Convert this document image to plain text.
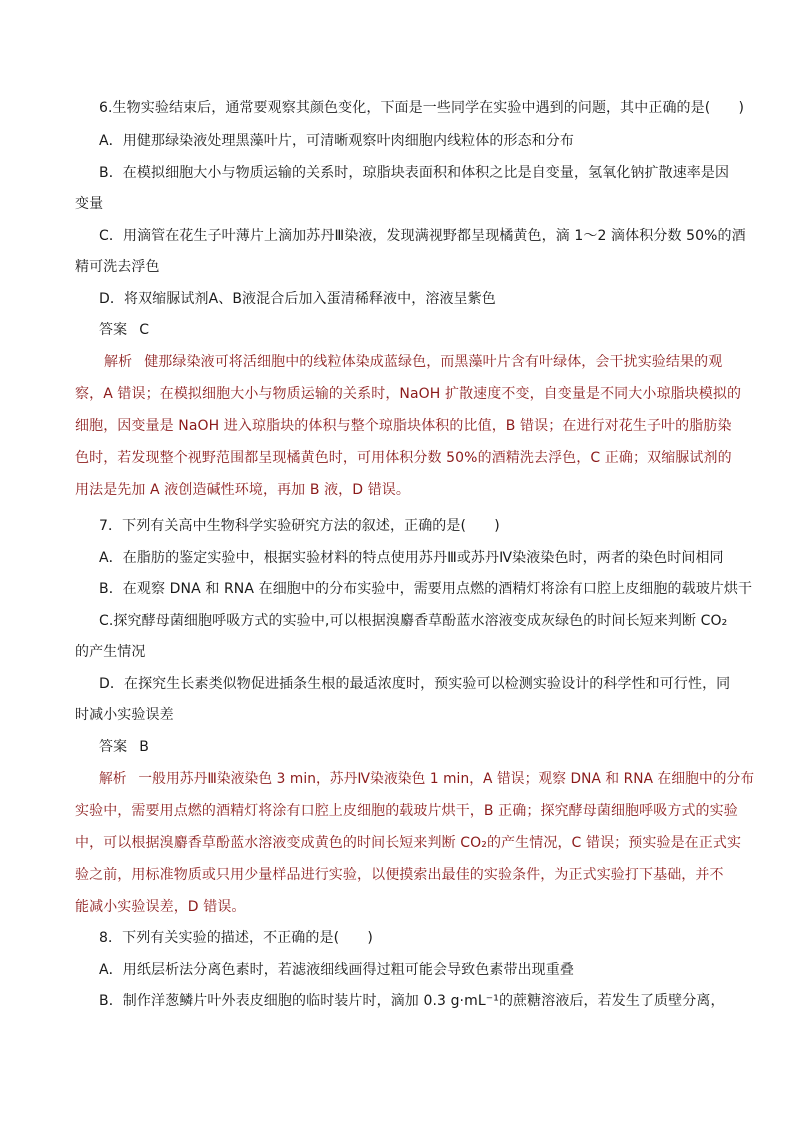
6.生物实验结束后，通常要观察其颜色变化，下面是一些同学在实验中遇到的问题，其中正确的是(　　)
A．用健那绿染液处理黑藻叶片，可清晰观察叶肉细胞内线粒体的形态和分布
B．在模拟细胞大小与物质运输的关系时，琼脂块表面积和体积之比是自变量，氢氧化钠扩散速率是因
变量
C．用滴管在花生子叶薄片上滴加苏丹Ⅲ染液，发现满视野都呈现橘黄色，滴 1～2 滴体积分数 50%的酒
精可洗去浮色
D．将双缩脲试剂A、B液混合后加入蛋清稀释液中，溶液呈紫色
答案 C
解析 健那绿染液可将活细胞中的线粒体染成蓝绿色，而黑藻叶片含有叶绿体，会干扰实验结果的观
察，A 错误；在模拟细胞大小与物质运输的关系时，NaOH 扩散速度不变，自变量是不同大小琼脂块模拟的
细胞，因变量是 NaOH 进入琼脂块的体积与整个琼脂块体积的比值，B 错误；在进行对花生子叶的脂肪染
色时，若发现整个视野范围都呈现橘黄色时，可用体积分数 50%的酒精洗去浮色，C 正确；双缩脲试剂的
用法是先加 A 液创造碱性环境，再加 B 液，D 错误。
7．下列有关高中生物科学实验研究方法的叙述，正确的是(　　)
A．在脂肪的鉴定实验中，根据实验材料的特点使用苏丹Ⅲ或苏丹Ⅳ染液染色时，两者的染色时间相同
B．在观察 DNA 和 RNA 在细胞中的分布实验中，需要用点燃的酒精灯将涂有口腔上皮细胞的载玻片烘干
C.探究酵母菌细胞呼吸方式的实验中,可以根据溴麝香草酚蓝水溶液变成灰绿色的时间长短来判断 CO₂
的产生情况
D．在探究生长素类似物促进插条生根的最适浓度时，预实验可以检测实验设计的科学性和可行性，同
时减小实验误差
答案 B
解析 一般用苏丹Ⅲ染液染色 3 min，苏丹Ⅳ染液染色 1 min，A 错误；观察 DNA 和 RNA 在细胞中的分布
实验中，需要用点燃的酒精灯将涂有口腔上皮细胞的载玻片烘干，B 正确；探究酵母菌细胞呼吸方式的实验
中，可以根据溴麝香草酚蓝水溶液变成黄色的时间长短来判断 CO₂的产生情况，C 错误；预实验是在正式实
验之前，用标准物质或只用少量样品进行实验，以便摸索出最佳的实验条件，为正式实验打下基础，并不
能减小实验误差，D 错误。
8．下列有关实验的描述，不正确的是(　　)
A．用纸层析法分离色素时，若滤液细线画得过粗可能会导致色素带出现重叠
B．制作洋葱鳞片叶外表皮细胞的临时装片时，滴加 0.3 g·mL⁻¹的蔗糖溶液后，若发生了质壁分离，
